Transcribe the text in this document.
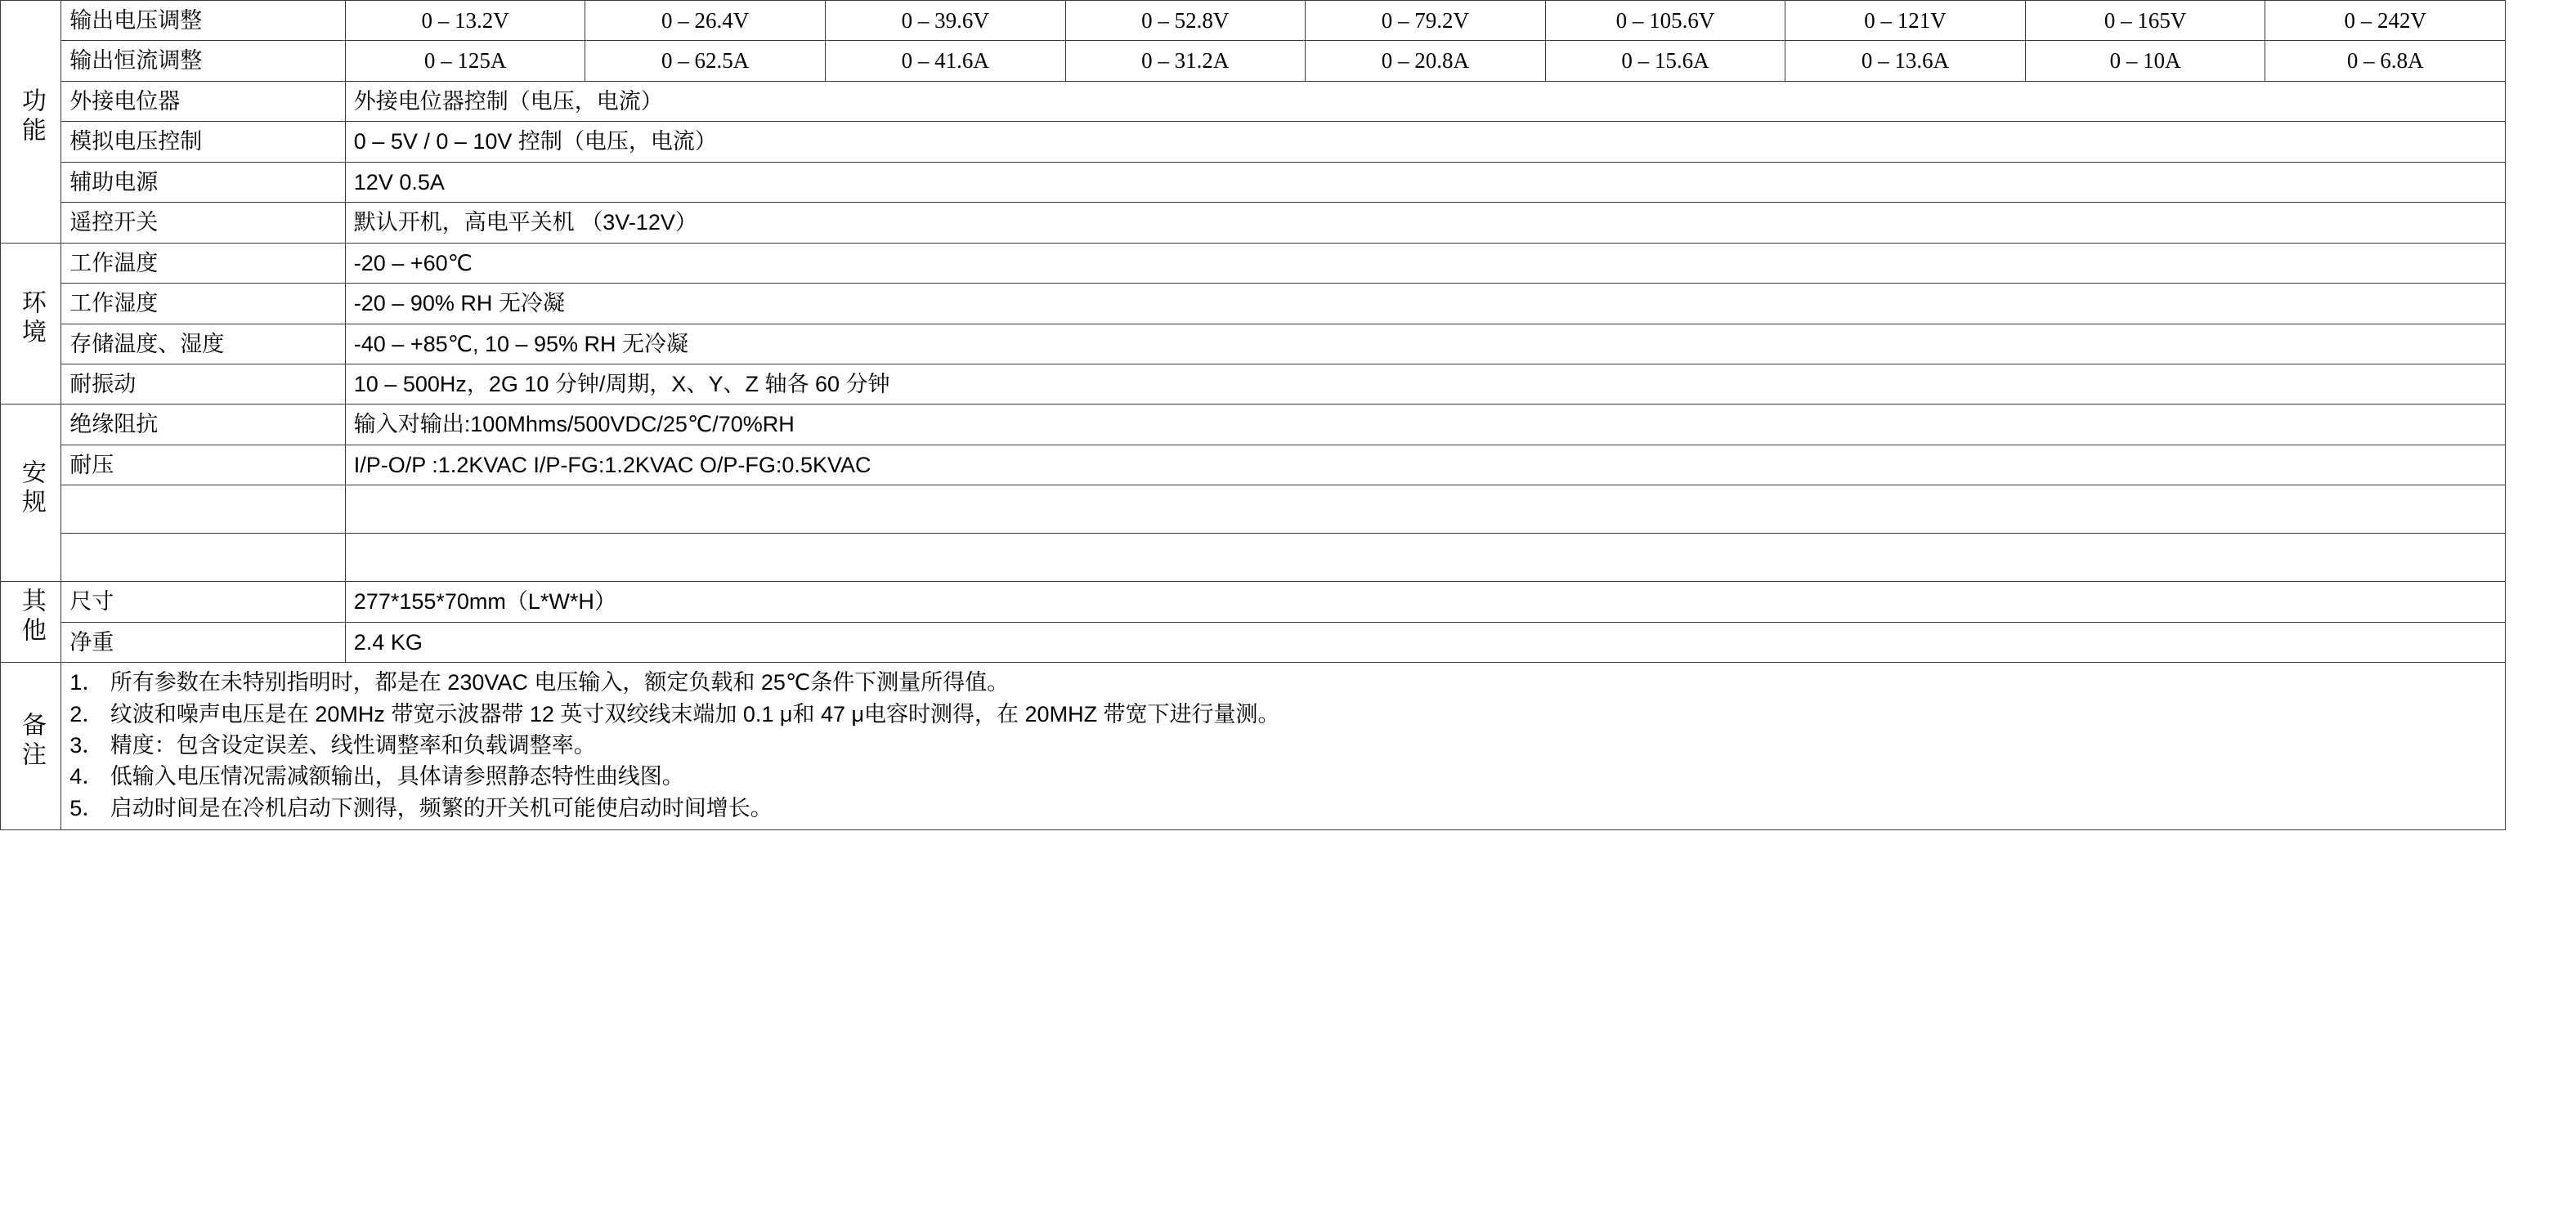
功能	输出电压调整	0 – 13.2V	0 – 26.4V	0 – 39.6V	0 – 52.8V	0 – 79.2V	0 – 105.6V	0 – 121V	0 – 165V	0 – 242V
	输出恒流调整	0 – 125A	0 – 62.5A	0 – 41.6A	0 – 31.2A	0 – 20.8A	0 – 15.6A	0 – 13.6A	0 – 10A	0 – 6.8A
	外接电位器	外接电位器控制（电压，电流）								
	模拟电压控制	0 – 5V / 0 – 10V 控制（电压，电流）								
	辅助电源	12V 0.5A								
	遥控开关	默认开机，高电平关机 （3V-12V）								
环境	工作温度	-20 – +60℃								
	工作湿度	-20 – 90% RH 无冷凝								
	存储温度、湿度	-40 – +85℃, 10 – 95% RH 无冷凝								
	耐振动	10 – 500Hz，2G 10 分钟/周期，X、Y、Z 轴各 60 分钟								
安规	绝缘阻抗	输入对输出:100Mhms/500VDC/25℃/70%RH								
	耐压	I/P-O/P :1.2KVAC I/P-FG:1.2KVAC O/P-FG:0.5KVAC								

其他	尺寸	277*155*70mm（L*W*H）								
	净重	2.4 KG								
备注	
1． 所有参数在未特别指明时，都是在 230VAC 电压输入，额定负载和 25℃条件下测量所得值。
2． 纹波和噪声电压是在 20MHz 带宽示波器带 12 英寸双绞线末端加 0.1 μ和 47 μ电容时测得，在 20MHZ 带宽下进行量测。
3． 精度：包含设定误差、线性调整率和负载调整率。
4． 低输入电压情况需减额输出，具体请参照静态特性曲线图。
5． 启动时间是在冷机启动下测得，频繁的开关机可能使启动时间增长。
